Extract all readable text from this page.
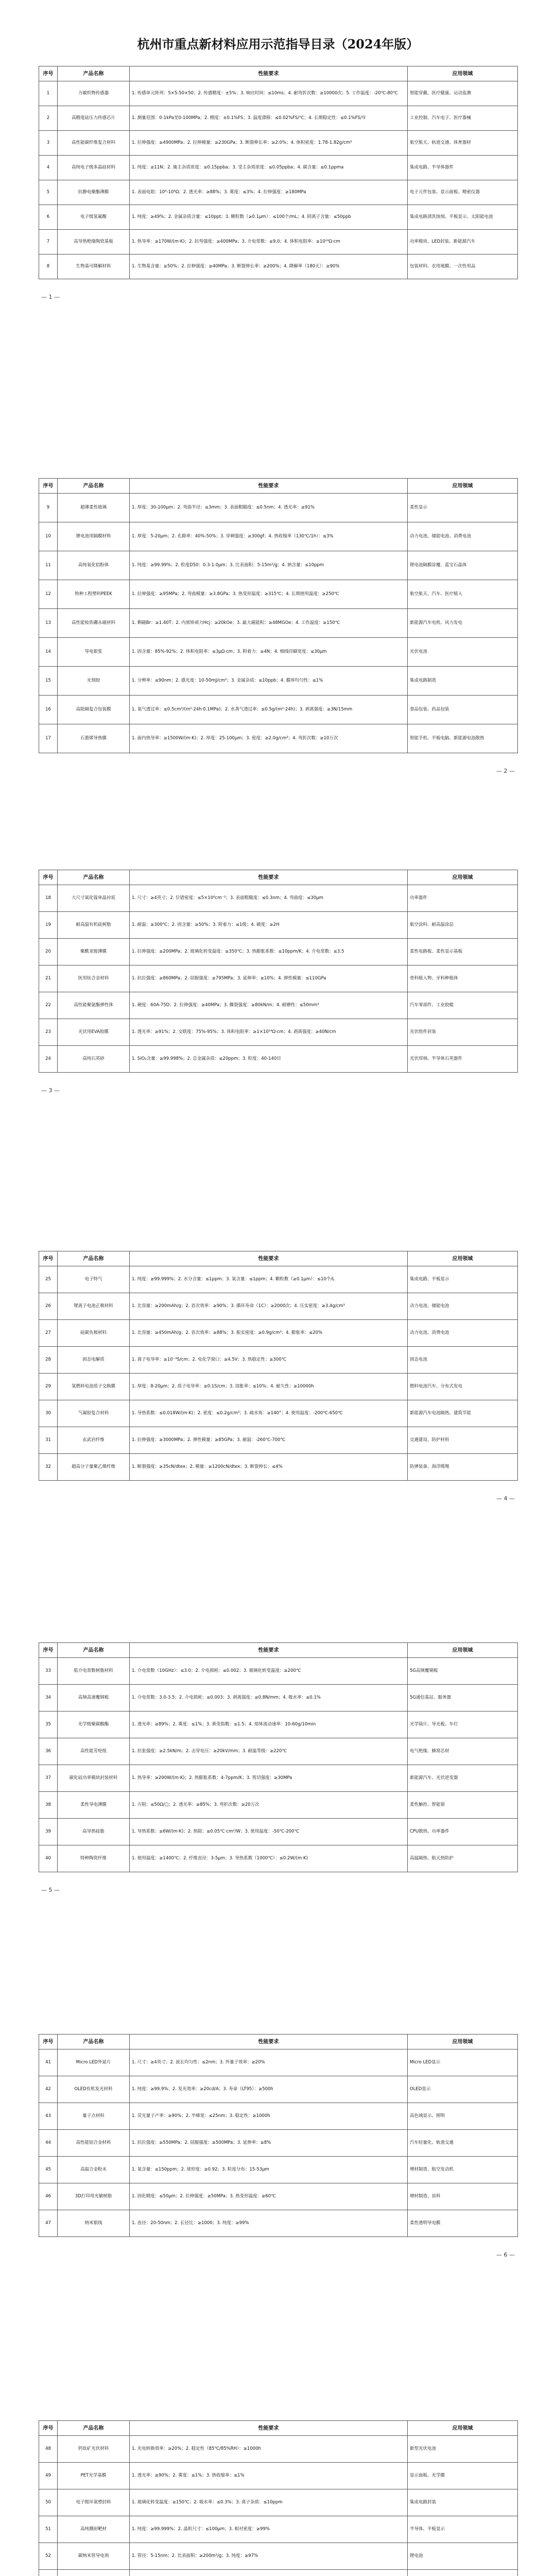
杭州市重点新材料应用示范指导目录（2024年版）
序号	产品名称	性能要求	应用领域
1	力敏织物传感器	1. 传感单元阵列：5×5-50×50；2. 传感精度：±5%；3. 响应时间：≤10ms；4. 耐弯折次数：≥10000次；5. 工作温度：-20℃-80℃	智能穿戴、医疗健康、运动监测
2	高精度硅压力传感芯片	1. 测量范围：0-1kPa至0-100MPa；2. 精度：±0.1%FS；3. 温度漂移：≤0.02%FS/℃；4. 长期稳定性：≤0.1%FS/年	工业控制、汽车电子、医疗器械
3	高性能碳纤维复合材料	1. 拉伸强度：≥4900MPa；2. 拉伸模量：≥230GPa；3. 断裂伸长率：≥2.0%；4. 体积密度：1.78-1.82g/cm³	航空航天、轨道交通、体育器材
4	高纯电子级多晶硅材料	1. 纯度：≥11N；2. 施主杂质浓度：≤0.15ppba；3. 受主杂质浓度：≤0.05ppba；4. 碳含量：≤0.1ppma	集成电路、半导体器件
5	抗静电聚酯薄膜	1. 表面电阻：10⁶-10⁹Ω；2. 透光率：≥88%；3. 雾度：≤3%；4. 拉伸强度：≥180MPa	电子元件包装、显示面板、精密仪器
6	电子级氢氟酸	1. 纯度：≥49%；2. 金属杂质含量：≤10ppt；3. 颗粒数（≥0.1μm）：≤100个/mL；4. 阴离子含量：≤50ppb	集成电路清洗蚀刻、平板显示、太阳能电池
7	高导热绝缘陶瓷基板	1. 热导率：≥170W/(m·K)；2. 抗弯强度：≥400MPa；3. 介电常数：≤9.0；4. 体积电阻率：≥10¹⁴Ω·cm	功率模块、LED封装、新能源汽车
8	生物基可降解材料	1. 生物基含量：≥50%；2. 拉伸强度：≥40MPa；3. 断裂伸长率：≥200%；4. 降解率（180天）：≥90%	包装材料、农用地膜、一次性用品
序号	产品名称	性能要求	应用领域
9	超薄柔性玻璃	1. 厚度：30-100μm；2. 弯曲半径：≤3mm；3. 表面粗糙度：≤0.5nm；4. 透光率：≥91%	柔性显示
10	锂电池用隔膜材料	1. 厚度：5-20μm；2. 孔隙率：40%-50%；3. 穿刺强度：≥300gf；4. 热收缩率（130℃/1h）：≤3%	动力电池、储能电池、消费电池
11	高纯氧化铝粉体	1. 纯度：≥99.99%；2. 粒度D50：0.3-1.0μm；3. 比表面积：5-15m²/g；4. 钠含量：≤10ppm	锂电池隔膜涂覆、蓝宝石晶体
12	特种工程塑料PEEK	1. 拉伸强度：≥95MPa；2. 弯曲模量：≥3.8GPa；3. 热变形温度：≥315℃；4. 长期使用温度：≥250℃	航空航天、汽车、医疗植入
13	高性能钕铁硼永磁材料	1. 剩磁Br：≥1.40T；2. 内禀矫顽力Hcj：≥20kOe；3. 最大磁能积：≥48MGOe；4. 工作温度：≥150℃	新能源汽车电机、风力发电
14	导电银浆	1. 固含量：85%-92%；2. 体积电阻率：≤3μΩ·cm；3. 附着力：≥4N；4. 细线印刷宽度：≤30μm	光伏电池
15	光刻胶	1. 分辨率：≤90nm；2. 感光度：10-50mJ/cm²；3. 金属杂质：≤10ppb；4. 膜厚均匀性：≤1%	集成电路制造
16	高阻隔复合包装膜	1. 氧气透过率：≤0.5cm³/(m²·24h·0.1MPa)；2. 水蒸气透过率：≤0.5g/(m²·24h)；3. 剥离强度：≥3N/15mm	食品包装、药品包装
17	石墨烯导热膜	1. 面内热导率：≥1500W/(m·K)；2. 厚度：25-100μm；3. 密度：≥2.0g/cm³；4. 弯折次数：≥10万次	智能手机、平板电脑、新能源电池散热
序号	产品名称	性能要求	应用领域
18	大尺寸氮化镓单晶衬底	1. 尺寸：≥4英寸；2. 位错密度：≤5×10⁶cm⁻²；3. 表面粗糙度：≤0.3nm；4. 弯曲度：≤30μm	功率器件
19	耐高温有机硅树脂	1. 耐温：≥300℃；2. 固含量：≥50%；3. 附着力：≤1级；4. 硬度：≥2H	航空涂料、耐高温涂层
20	聚酰亚胺薄膜	1. 拉伸强度：≥200MPa；2. 玻璃化转变温度：≥350℃；3. 热膨胀系数：≤10ppm/K；4. 介电常数：≤3.5	柔性电路板、柔性显示基板
21	医用钛合金材料	1. 抗拉强度：≥860MPa；2. 屈服强度：≥795MPa；3. 延伸率：≥10%；4. 弹性模量：≤110GPa	骨科植入物、牙科种植体
22	高性能聚氨酯弹性体	1. 硬度：60A-75D；2. 拉伸强度：≥40MPa；3. 撕裂强度：≥80kN/m；4. 耐磨性：≤50mm³	汽车零部件、工业胶辊
23	光伏用EVA胶膜	1. 透光率：≥91%；2. 交联度：75%-95%；3. 体积电阻率：≥1×10¹⁴Ω·cm；4. 剥离强度：≥40N/cm	光伏组件封装
24	高纯石英砂	1. SiO₂含量：≥99.998%；2. 总金属杂质：≤20ppm；3. 粒度：40-140目	光伏坩埚、半导体石英器件
序号	产品名称	性能要求	应用领域
25	电子特气	1. 纯度：≥99.999%；2. 水分含量：≤1ppm；3. 氧含量：≤1ppm；4. 颗粒数（≥0.1μm）：≤10个/L	集成电路、平板显示
26	锂离子电池正极材料	1. 比容量：≥200mAh/g；2. 首次效率：≥90%；3. 循环寿命（1C）：≥2000次；4. 压实密度：≥3.4g/cm³	动力电池、储能电池
27	硅碳负极材料	1. 比容量：≥450mAh/g；2. 首次效率：≥88%；3. 振实密度：≥0.9g/cm³；4. 膨胀率：≤20%	动力电池、消费电池
28	固态电解质	1. 离子电导率：≥10⁻³S/cm；2. 电化学窗口：≥4.5V；3. 热稳定性：≥300℃	固态电池
29	氢燃料电池质子交换膜	1. 厚度：8-20μm；2. 质子电导率：≥0.1S/cm；3. 溶胀率：≤10%；4. 耐久性：≥10000h	燃料电池汽车、分布式发电
30	气凝胶复合材料	1. 导热系数：≤0.018W/(m·K)；2. 密度：≤0.2g/cm³；3. 疏水角：≥140°；4. 使用温度：-200℃-650℃	新能源汽车电池隔热、建筑节能
31	玄武岩纤维	1. 拉伸强度：≥3000MPa；2. 弹性模量：≥85GPa；3. 耐温：-260℃-700℃	交通建设、防护材料
32	超高分子量聚乙烯纤维	1. 断裂强度：≥35cN/dtex；2. 模量：≥1200cN/dtex；3. 断裂伸长：≤4%	防弹装备、海洋缆绳
序号	产品名称	性能要求	应用领域
33	低介电常数树脂材料	1. 介电常数（10GHz）：≤3.0；2. 介电损耗：≤0.002；3. 玻璃化转变温度：≥200℃	5G高频覆铜板
34	高频高速覆铜板	1. 介电常数：3.0-3.5；2. 介电损耗：≤0.003；3. 剥离强度：≥0.8N/mm；4. 吸水率：≤0.1%	5G通信基站、服务器
35	光学级聚碳酸酯	1. 透光率：≥89%；2. 雾度：≤1%；3. 黄变指数：≤1.5；4. 熔体流动速率：10-60g/10min	光学镜片、导光板、车灯
36	高性能芳纶纸	1. 抗张强度：≥2.5kN/m；2. 击穿电压：≥20kV/mm；3. 耐温等级：≥220℃	电气绝缘、蜂窝芯材
37	碳化硅功率模块封装材料	1. 热导率：≥200W/(m·K)；2. 热膨胀系数：4-7ppm/K；3. 剪切强度：≥30MPa	新能源汽车、光伏逆变器
38	柔性导电薄膜	1. 方阻：≤50Ω/□；2. 透光率：≥85%；3. 弯折次数：≥20万次	柔性触控、智能窗
39	高导热硅脂	1. 导热系数：≥6W/(m·K)；2. 热阻：≤0.05℃·cm²/W；3. 使用温度：-50℃-200℃	CPU散热、功率器件
40	特种陶瓷纤维	1. 使用温度：≥1400℃；2. 纤维直径：3-5μm；3. 导热系数（1000℃）：≤0.2W/(m·K)	高温隔热、航天热防护
序号	产品名称	性能要求	应用领域
41	Micro LED外延片	1. 尺寸：≥4英寸；2. 波长均匀性：≤2nm；3. 外量子效率：≥20%	Micro LED显示
42	OLED有机发光材料	1. 纯度：≥99.9%；2. 发光效率：≥20cd/A；3. 寿命（LT95）：≥500h	OLED显示
43	量子点材料	1. 荧光量子产率：≥90%；2. 半峰宽：≤25nm；3. 稳定性：≥1000h	高色域显示、照明
44	高性能铝合金材料	1. 抗拉强度：≥550MPa；2. 屈服强度：≥500MPa；3. 延伸率：≥8%	汽车轻量化、轨道交通
45	高温合金粉末	1. 氧含量：≤150ppm；2. 球形度：≥0.92；3. 粒度分布：15-53μm	增材制造、航空发动机
46	3D打印用光敏树脂	1. 固化精度：≤50μm；2. 拉伸强度：≥50MPa；3. 热变形温度：≥60℃	增材制造、齿科
47	纳米银线	1. 直径：20-50nm；2. 长径比：≥1000；3. 纯度：≥99%	柔性透明导电膜
序号	产品名称	性能要求	应用领域
48	钙钛矿光伏材料	1. 光电转换效率：≥20%；2. 稳定性（85℃/85%RH）：≥1000h	新型光伏电池
49	PET光学基膜	1. 透光率：≥90%；2. 雾度：≤1%；3. 热收缩率：≤1%	显示面板、光学膜
50	电子级环氧塑封料	1. 玻璃化转变温度：≥150℃；2. 吸水率：≤0.3%；3. 离子杂质：≤10ppm	集成电路封装
51	高纯溅射靶材	1. 纯度：≥99.999%；2. 晶粒尺寸：≤100μm；3. 相对密度：≥99%	半导体、平板显示
52	碳纳米管导电剂	1. 管径：5-15nm；2. 比表面积：≥200m²/g；3. 纯度：≥97%	锂电池

— 1 —
— 2 —
— 3 —
— 4 —
— 5 —
— 6 —
